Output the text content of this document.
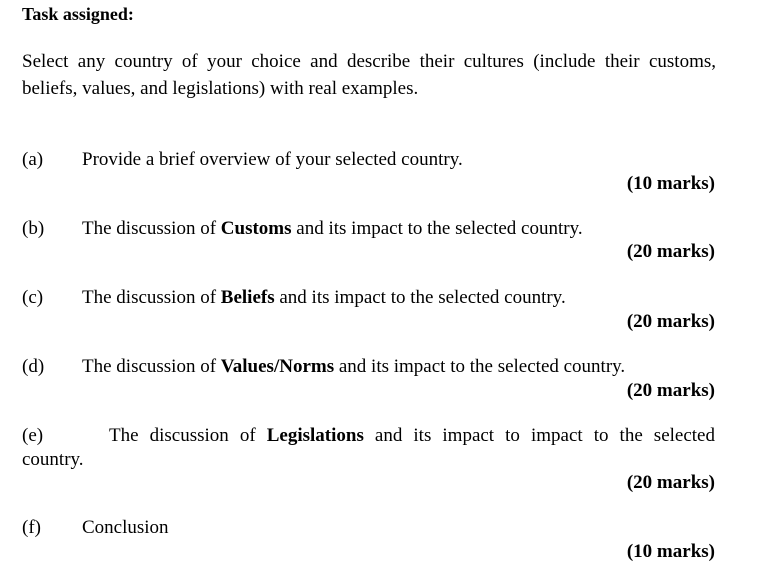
Task assigned:
Select any country of your choice and describe their cultures (include their customs,
beliefs, values, and legislations) with real examples.
(a) Provide a brief overview of your selected country.
(10 marks)
(b) The discussion of Customs and its impact to the selected country.
(20 marks)
(c) The discussion of Beliefs and its impact to the selected country.
(20 marks)
(d) The discussion of Values/Norms and its impact to the selected country.
(20 marks)
(e)	The discussion of Legislations and its impact to impact to the selected
country.
(20 marks)
(f) Conclusion
(10 marks)
